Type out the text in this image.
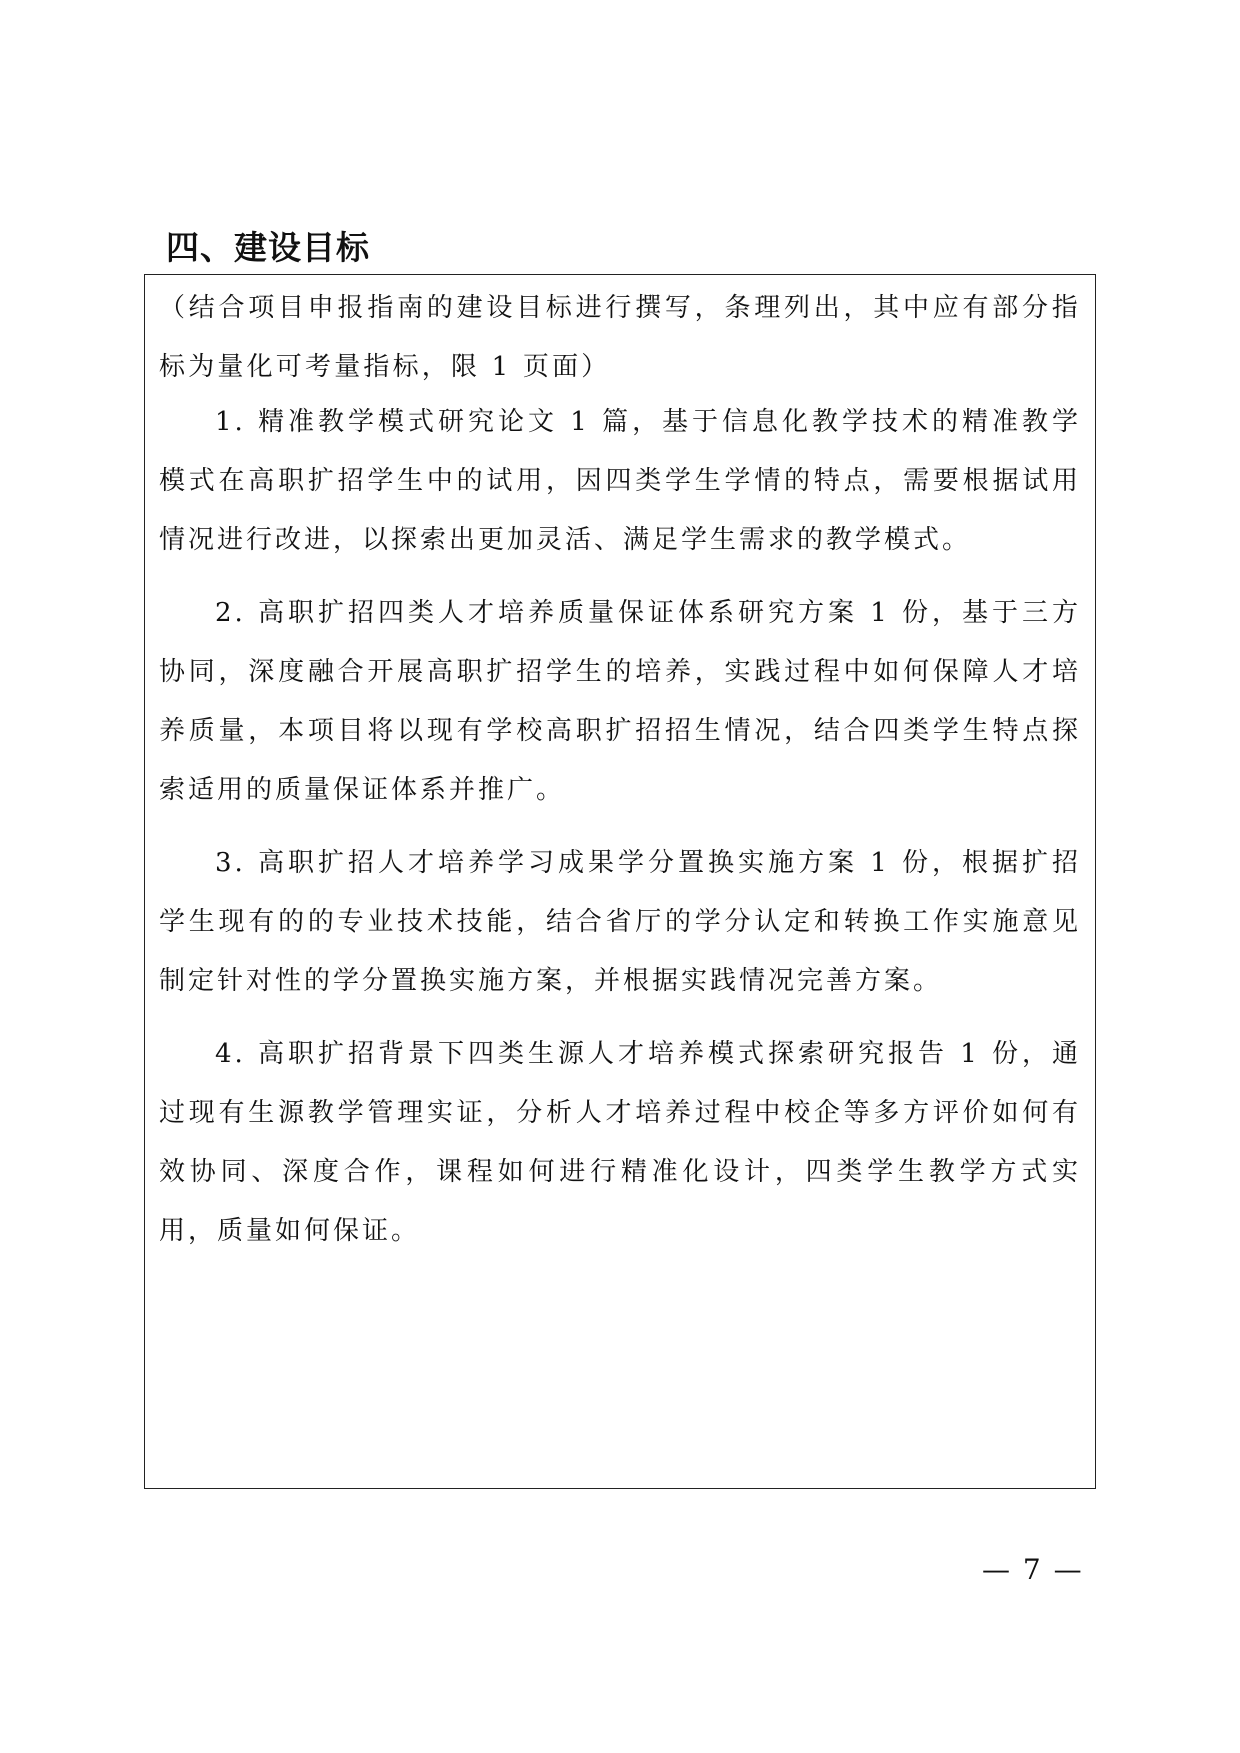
四、建设目标

（结合项目申报指南的建设目标进行撰写，条理列出，其中应有部分指标为量化可考量指标，限 1 页面）

1. 精准教学模式研究论文 1 篇，基于信息化教学技术的精准教学模式在高职扩招学生中的试用，因四类学生学情的特点，需要根据试用情况进行改进，以探索出更加灵活、满足学生需求的教学模式。

2. 高职扩招四类人才培养质量保证体系研究方案 1 份，基于三方协同，深度融合开展高职扩招学生的培养，实践过程中如何保障人才培养质量，本项目将以现有学校高职扩招招生情况，结合四类学生特点探索适用的质量保证体系并推广。

3. 高职扩招人才培养学习成果学分置换实施方案 1 份，根据扩招学生现有的的专业技术技能，结合省厅的学分认定和转换工作实施意见制定针对性的学分置换实施方案，并根据实践情况完善方案。

4. 高职扩招背景下四类生源人才培养模式探索研究报告 1 份，通过现有生源教学管理实证，分析人才培养过程中校企等多方评价如何有效协同、深度合作，课程如何进行精准化设计，四类学生教学方式实用，质量如何保证。

— 7 —
